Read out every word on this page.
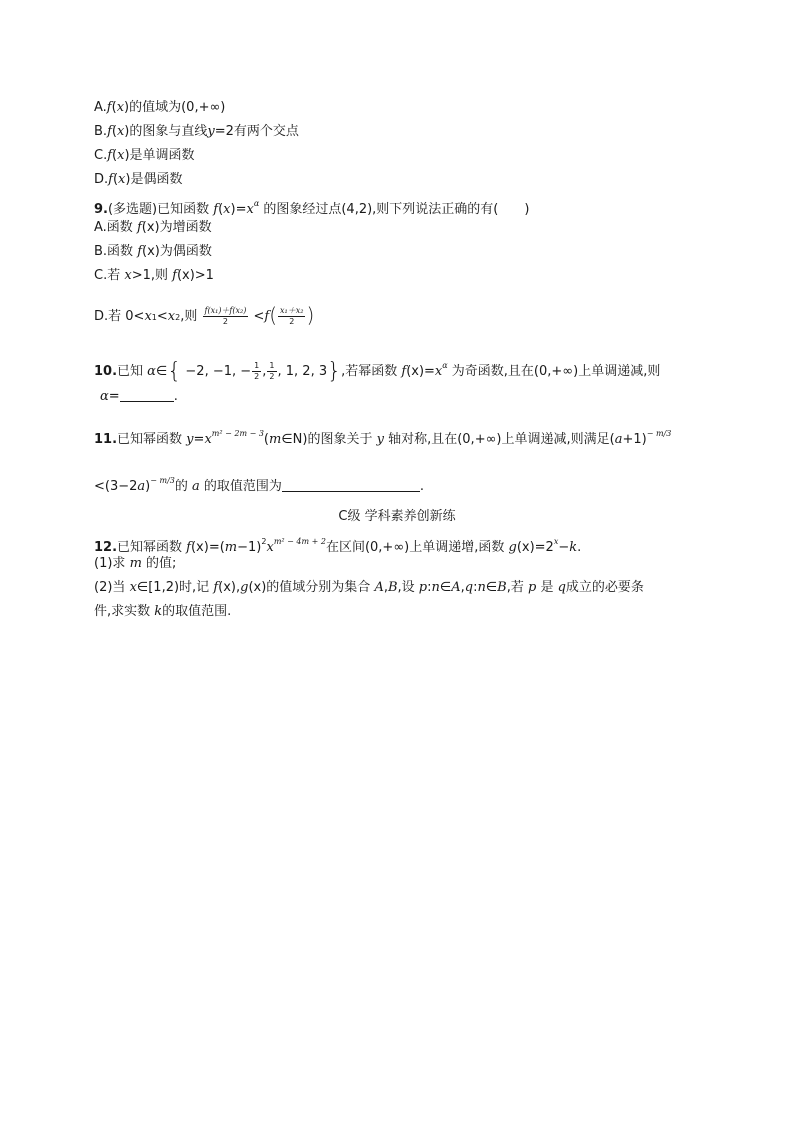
A.f(x)的值域为(0,+∞)
B.f(x)的图象与直线y=2有两个交点
C.f(x)是单调函数
D.f(x)是偶函数
9.(多选题)已知函数 $f(x)=x^\alpha$ 的图象经过点(4,2),则下列说法正确的有(　　)
A.函数 f(x)为增函数
B.函数 f(x)为偶函数
C.若 x>1,则 f(x)>1
D.若 0<x1<x2,则 $\frac{\text{f(x₁)＋f(x₂)}}{2} <f( \frac{\text{x₁＋x₂}}{2}$ )
10.已知 α∈{ −2, −1, − $\frac{1}{2}$ , $\frac{1}{2}$ , 1, 2, 3},若幂函数 $f(x)=x^\alpha$ 为奇函数,且在(0,+∞)上单调递减,则
α=	.
11.已知幂函数 $y=x^{m^2 - 2m - 3}(m\in N)$的图象关于 y 轴对称,且在(0,+∞)上单调递减,则满足$(a+1)^{- m/3}$
$<(3-2a)^{- m/3}$的 a 的取值范围为	.
C级 学科素养创新练
12.已知幂函数 $f(x)=(m-1)^2x^{m^2 - 4m + 2}$在区间(0,+∞)上单调递增,函数 $g(x)=2^x-k$.
(1)求 m 的值;
(2)当 x∈[1,2)时,记 f(x),g(x)的值域分别为集合 A,B,设 p:n∈A,q:n∈B,若 p 是 q成立的必要条
件,求实数 k的取值范围.
